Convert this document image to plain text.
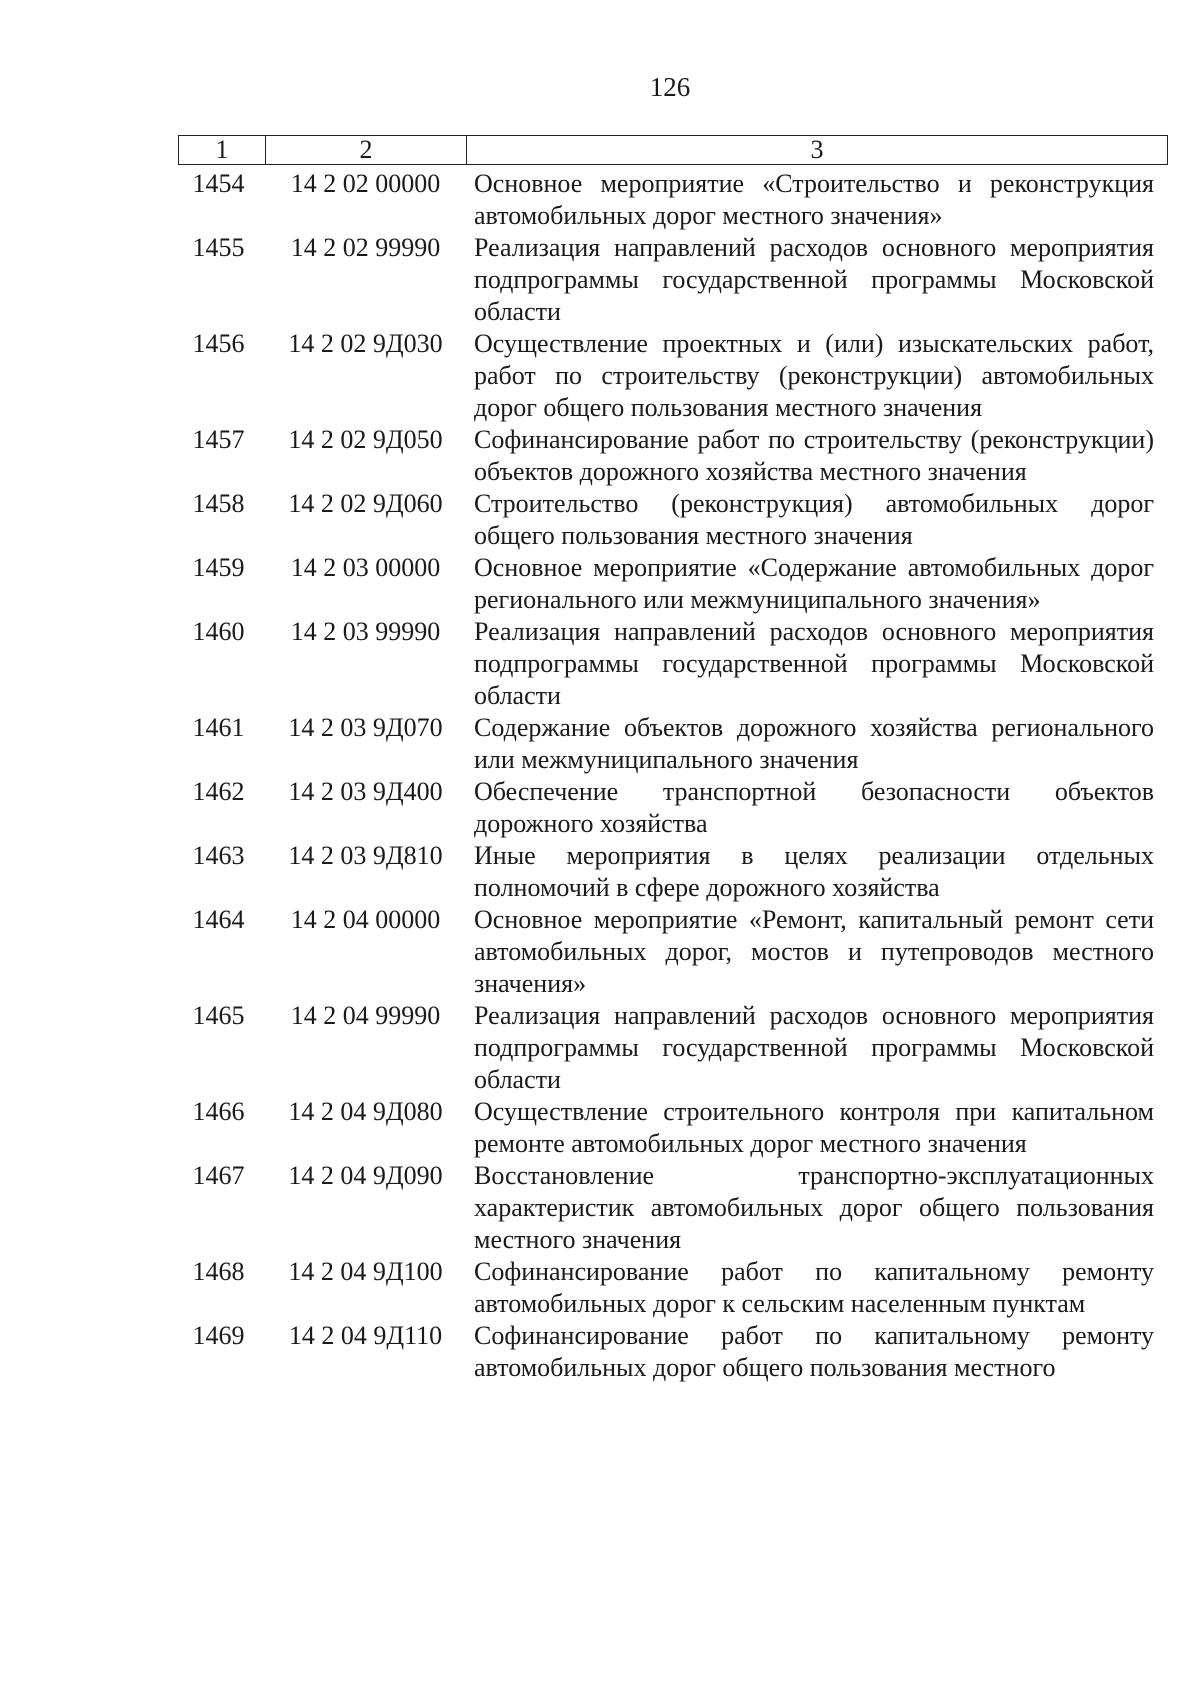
126
1	2	3
1454	14 2 02 00000	Основное мероприятие «Строительство и реконструкция автомобильных дорог местного значения»
1455	14 2 02 99990	Реализация направлений расходов основного мероприятия подпрограммы государственной программы Московской области
1456	14 2 02 9Д030	Осуществление проектных и (или) изыскательских работ, работ по строительству (реконструкции) автомобильных дорог общего пользования местного значения
1457	14 2 02 9Д050	Софинансирование работ по строительству (реконструкции) объектов дорожного хозяйства местного значения
1458	14 2 02 9Д060	Строительство (реконструкция) автомобильных дорог общего пользования местного значения
1459	14 2 03 00000	Основное мероприятие «Содержание автомобильных дорог регионального или межмуниципального значения»
1460	14 2 03 99990	Реализация направлений расходов основного мероприятия подпрограммы государственной программы Московской области
1461	14 2 03 9Д070	Содержание объектов дорожного хозяйства регионального или межмуниципального значения
1462	14 2 03 9Д400	Обеспечение транспортной безопасности объектов дорожного хозяйства
1463	14 2 03 9Д810	Иные мероприятия в целях реализации отдельных полномочий в сфере дорожного хозяйства
1464	14 2 04 00000	Основное мероприятие «Ремонт, капитальный ремонт сети автомобильных дорог, мостов и путепроводов местного значения»
1465	14 2 04 99990	Реализация направлений расходов основного мероприятия подпрограммы государственной программы Московской области
1466	14 2 04 9Д080	Осуществление строительного контроля при капитальном ремонте автомобильных дорог местного значения
1467	14 2 04 9Д090	Восстановление транспортно-эксплуатационных характеристик автомобильных дорог общего пользования местного значения
1468	14 2 04 9Д100	Софинансирование работ по капитальному ремонту автомобильных дорог к сельским населенным пунктам
1469	14 2 04 9Д110	Софинансирование работ по капитальному ремонту автомобильных дорог общего пользования местного
